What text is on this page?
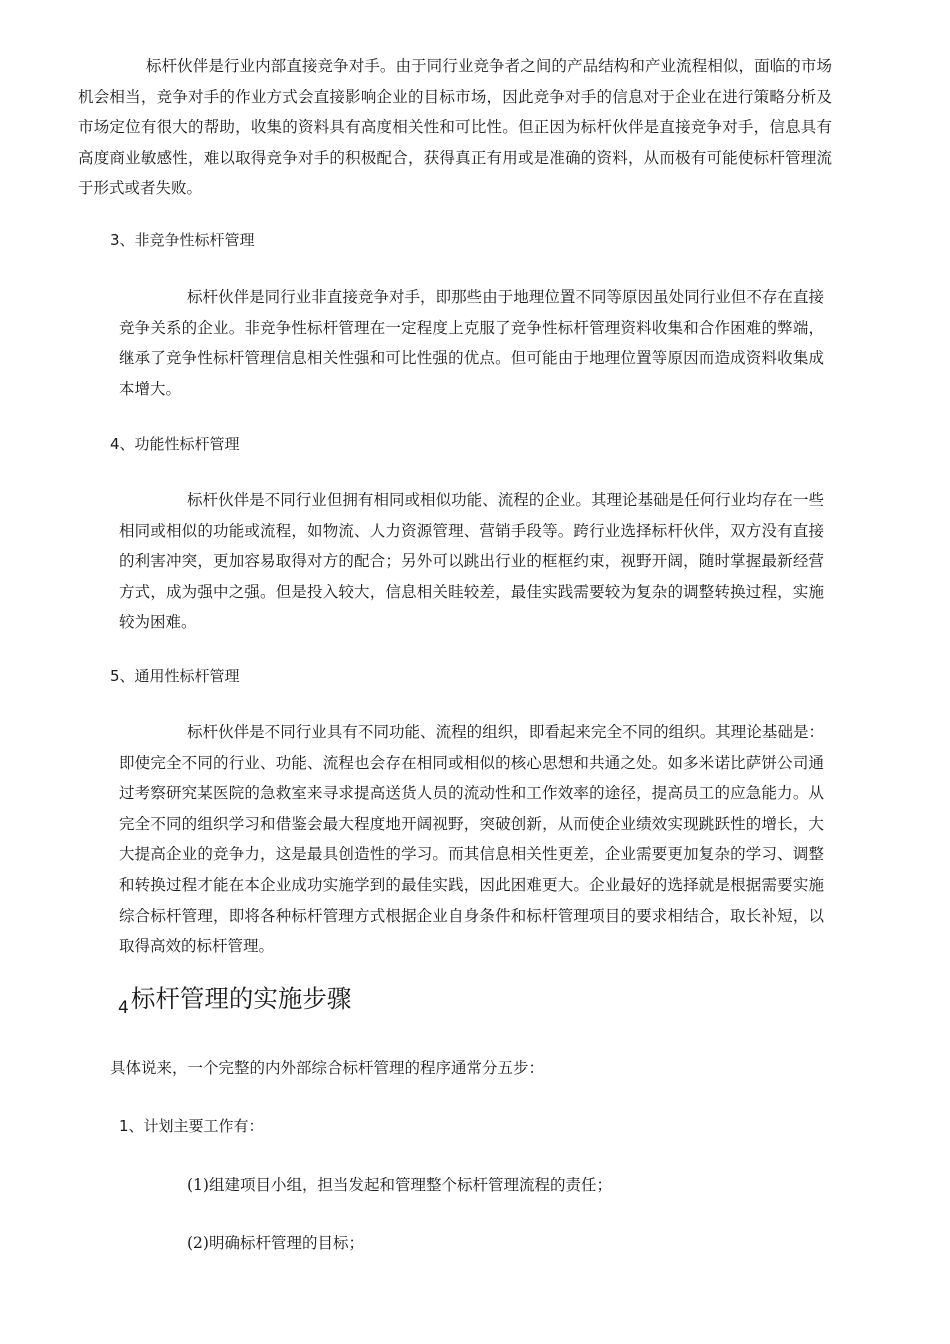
标杆伙伴是行业内部直接竞争对手。由于同行业竞争者之间的产品结构和产业流程相似，面临的市场机会相当，竞争对手的作业方式会直接影响企业的目标市场，因此竞争对手的信息对于企业在进行策略分析及市场定位有很大的帮助，收集的资料具有高度相关性和可比性。但正因为标杆伙伴是直接竞争对手，信息具有高度商业敏感性，难以取得竞争对手的积极配合，获得真正有用或是准确的资料，从而极有可能使标杆管理流于形式或者失败。

3、非竞争性标杆管理

标杆伙伴是同行业非直接竞争对手，即那些由于地理位置不同等原因虽处同行业但不存在直接竞争关系的企业。非竞争性标杆管理在一定程度上克服了竞争性标杆管理资料收集和合作困难的弊端，继承了竞争性标杆管理信息相关性强和可比性强的优点。但可能由于地理位置等原因而造成资料收集成本增大。

4、功能性标杆管理

标杆伙伴是不同行业但拥有相同或相似功能、流程的企业。其理论基础是任何行业均存在一些相同或相似的功能或流程，如物流、人力资源管理、营销手段等。跨行业选择标杆伙伴，双方没有直接的利害冲突，更加容易取得对方的配合；另外可以跳出行业的框框约束，视野开阔，随时掌握最新经营方式，成为强中之强。但是投入较大，信息相关眭较差，最佳实践需要较为复杂的调整转换过程，实施较为困难。

5、通用性标杆管理

标杆伙伴是不同行业具有不同功能、流程的组织，即看起来完全不同的组织。其理论基础是：即使完全不同的行业、功能、流程也会存在相同或相似的核心思想和共通之处。如多米诺比萨饼公司通过考察研究某医院的急救室来寻求提高送货人员的流动性和工作效率的途径，提高员工的应急能力。从完全不同的组织学习和借鉴会最大程度地开阔视野，突破创新，从而使企业绩效实现跳跃性的增长，大大提高企业的竞争力，这是最具创造性的学习。而其信息相关性更差，企业需要更加复杂的学习、调整和转换过程才能在本企业成功实施学到的最佳实践，因此困难更大。企业最好的选择就是根据需要实施综合标杆管理，即将各种标杆管理方式根据企业自身条件和标杆管理项目的要求相结合，取长补短，以取得高效的标杆管理。

$_4$标杆管理的实施步骤

具体说来，一个完整的内外部综合标杆管理的程序通常分五步：

1、计划主要工作有：

(1)组建项目小组，担当发起和管理整个标杆管理流程的责任；

(2)明确标杆管理的目标；
